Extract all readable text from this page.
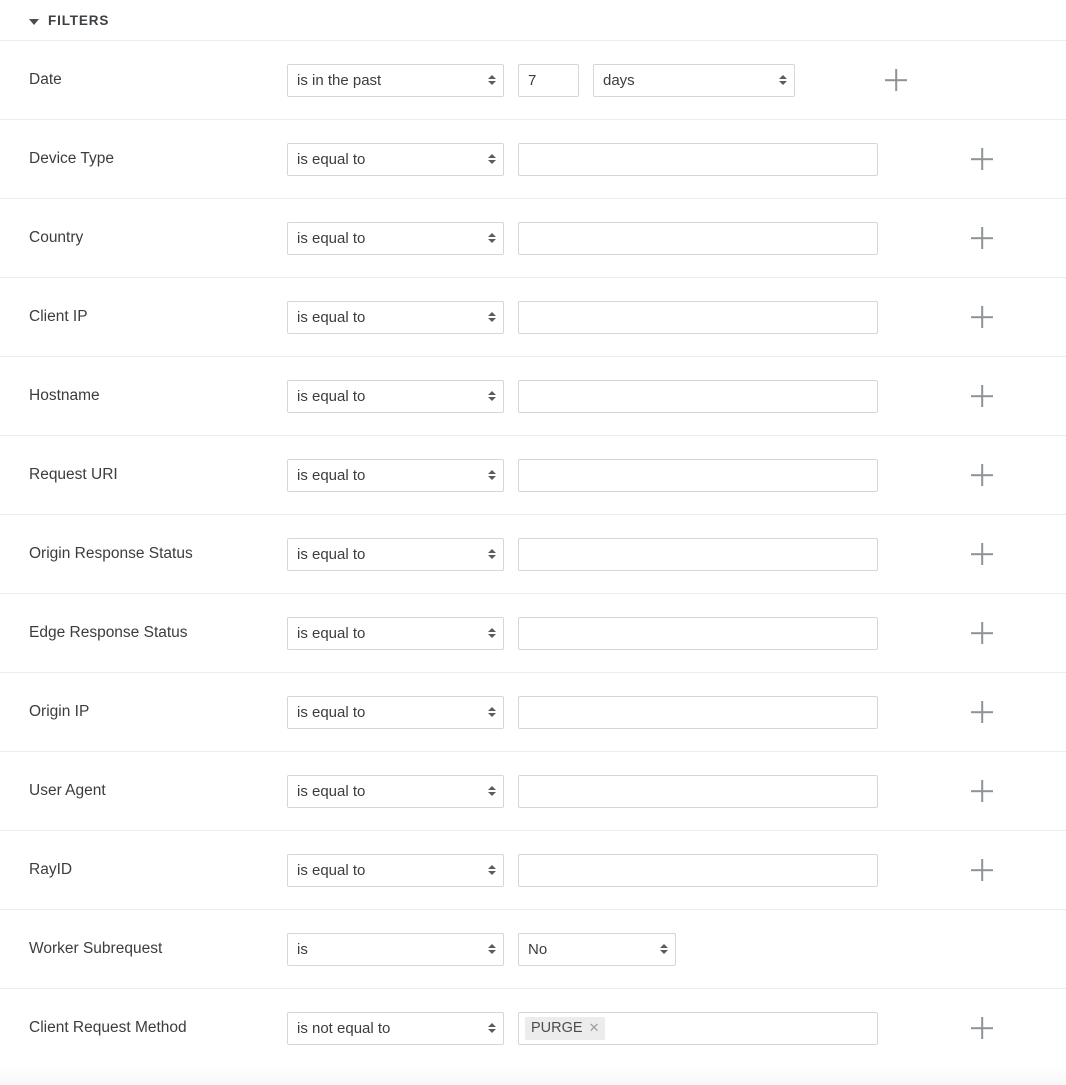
FILTERS
Date
is in the past
7
days
Device Type
is equal to
Country
is equal to
Client IP
is equal to
Hostname
is equal to
Request URI
is equal to
Origin Response Status
is equal to
Edge Response Status
is equal to
Origin IP
is equal to
User Agent
is equal to
RayID
is equal to
Worker Subrequest
is
No
Client Request Method
is not equal to	PURGE ✕
